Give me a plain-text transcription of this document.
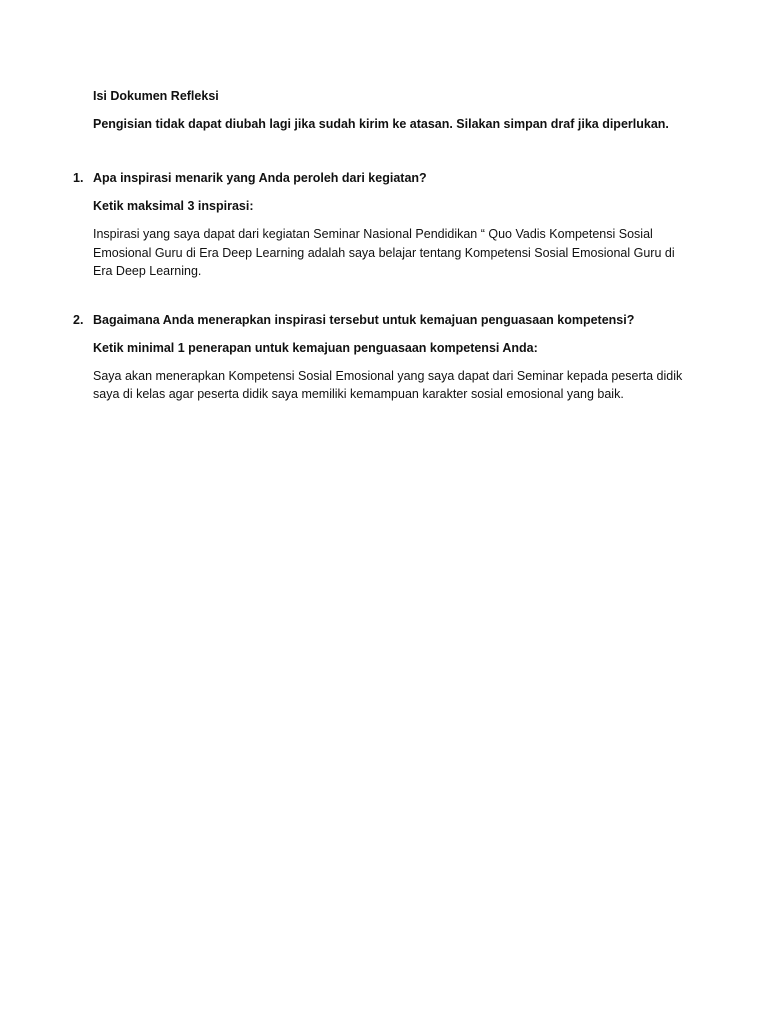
Isi Dokumen Refleksi

Pengisian tidak dapat diubah lagi jika sudah kirim ke atasan. Silakan simpan draf jika diperlukan.

1. Apa inspirasi menarik yang Anda peroleh dari kegiatan?

Ketik maksimal 3 inspirasi:

Inspirasi yang saya dapat dari kegiatan Seminar Nasional Pendidikan “ Quo Vadis Kompetensi Sosial Emosional Guru di Era Deep Learning adalah saya belajar tentang Kompetensi Sosial Emosional Guru di Era Deep Learning.

2. Bagaimana Anda menerapkan inspirasi tersebut untuk kemajuan penguasaan kompetensi?

Ketik minimal 1 penerapan untuk kemajuan penguasaan kompetensi Anda:

Saya akan menerapkan Kompetensi Sosial Emosional yang saya dapat dari Seminar kepada peserta didik saya di kelas agar peserta didik saya memiliki kemampuan karakter sosial emosional yang baik.
